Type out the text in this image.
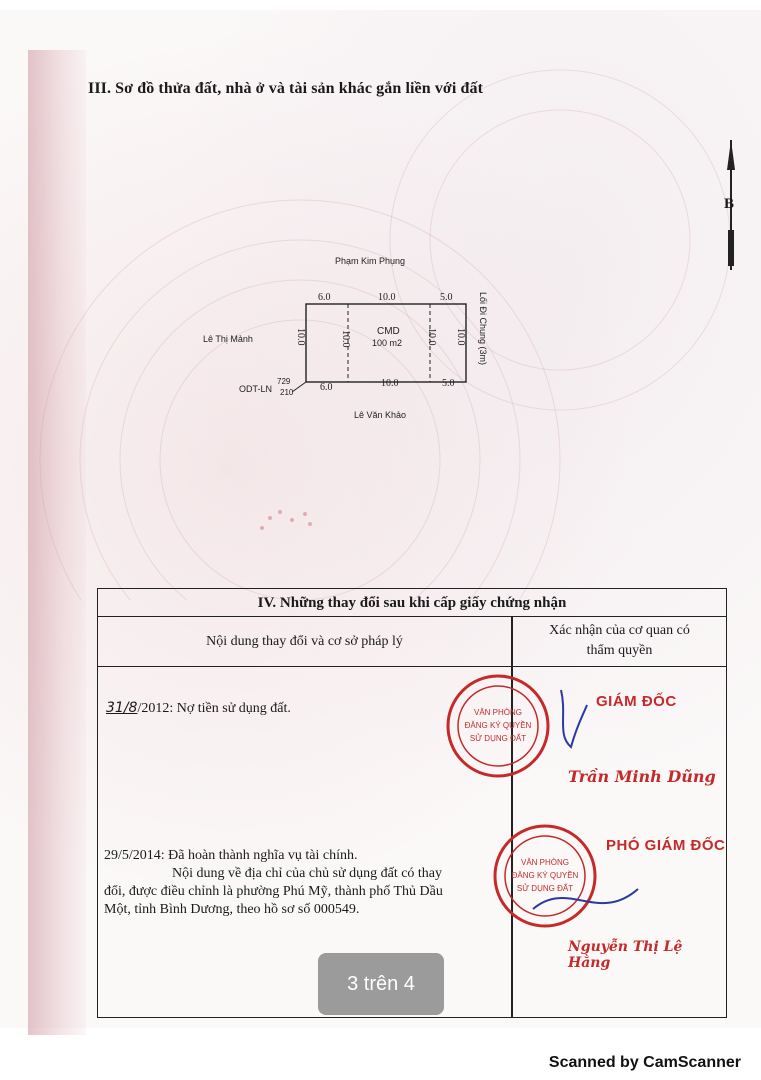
III. Sơ đồ thửa đất, nhà ở và tài sản khác gắn liền với đất
B
Phạm Kim Phụng
Lê Thị Mảnh
Lê Văn Khảo
Lối Đi Chung (3m)
ODT-LN
729
210
CMD
100 m2
6.0	10.0	5.0
6.0	10.0	5.0
10.0	10.0	10.0 10.0
IV. Những thay đổi sau khi cấp giấy chứng nhận
Nội dung thay đổi và cơ sở pháp lý
Xác nhận của cơ quan có
thẩm quyền
31/8/2012: Nợ tiền sử dụng đất.
29/5/2014: Đã hoàn thành nghĩa vụ tài chính.
Nội dung về địa chỉ của chủ sử dụng đất có thay
đổi, được điều chỉnh là phường Phú Mỹ, thành phố Thủ Dầu
Một, tỉnh Bình Dương, theo hồ sơ số 000549.
VĂN PHÒNG
ĐĂNG KÝ QUYỀN
SỬ DỤNG ĐẤT
GIÁM ĐỐC
Trần Minh Dũng
VĂN PHÒNG
ĐĂNG KÝ QUYỀN
SỬ DỤNG ĐẤT
PHÓ GIÁM ĐỐC
Nguyễn Thị Lệ Hằng
3 trên 4
Scanned by CamScanner
